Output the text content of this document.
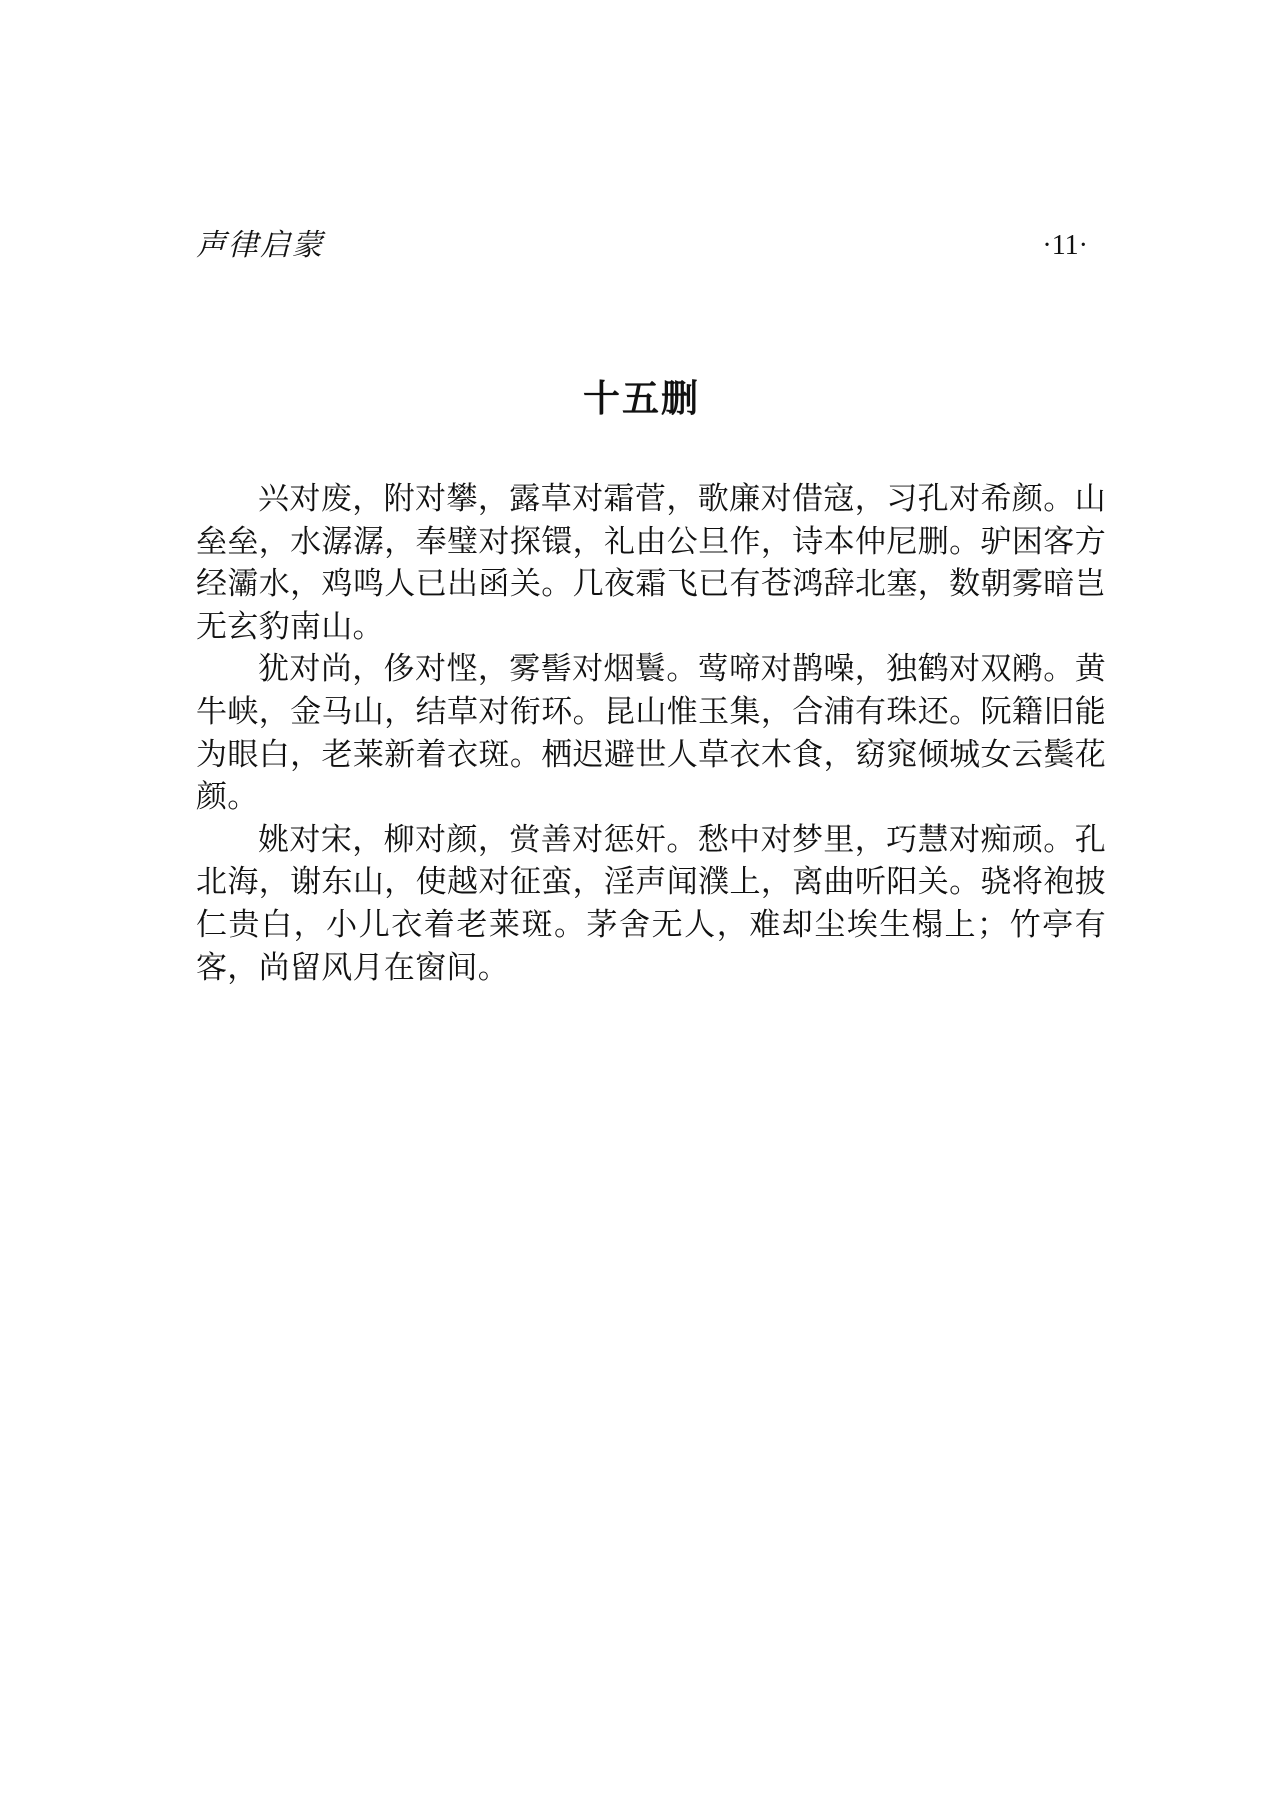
声律启蒙	·11·
十五删

兴对废，附对攀，露草对霜菅，歌廉对借寇，习孔对希颜。山垒垒，水潺潺，奉璧对探镮，礼由公旦作，诗本仲尼删。驴困客方经灞水，鸡鸣人已出函关。几夜霜飞已有苍鸿辞北塞，数朝雾暗岂无玄豹南山。

犹对尚，侈对悭，雾髻对烟鬟。莺啼对鹊噪，独鹤对双鹇。黄牛峡，金马山，结草对衔环。昆山惟玉集，合浦有珠还。阮籍旧能为眼白，老莱新着衣斑。栖迟避世人草衣木食，窈窕倾城女云鬓花颜。

姚对宋，柳对颜，赏善对惩奸。愁中对梦里，巧慧对痴顽。孔北海，谢东山，使越对征蛮，淫声闻濮上，离曲听阳关。骁将袍披仁贵白，小儿衣着老莱斑。茅舍无人，难却尘埃生榻上；竹亭有客，尚留风月在窗间。
